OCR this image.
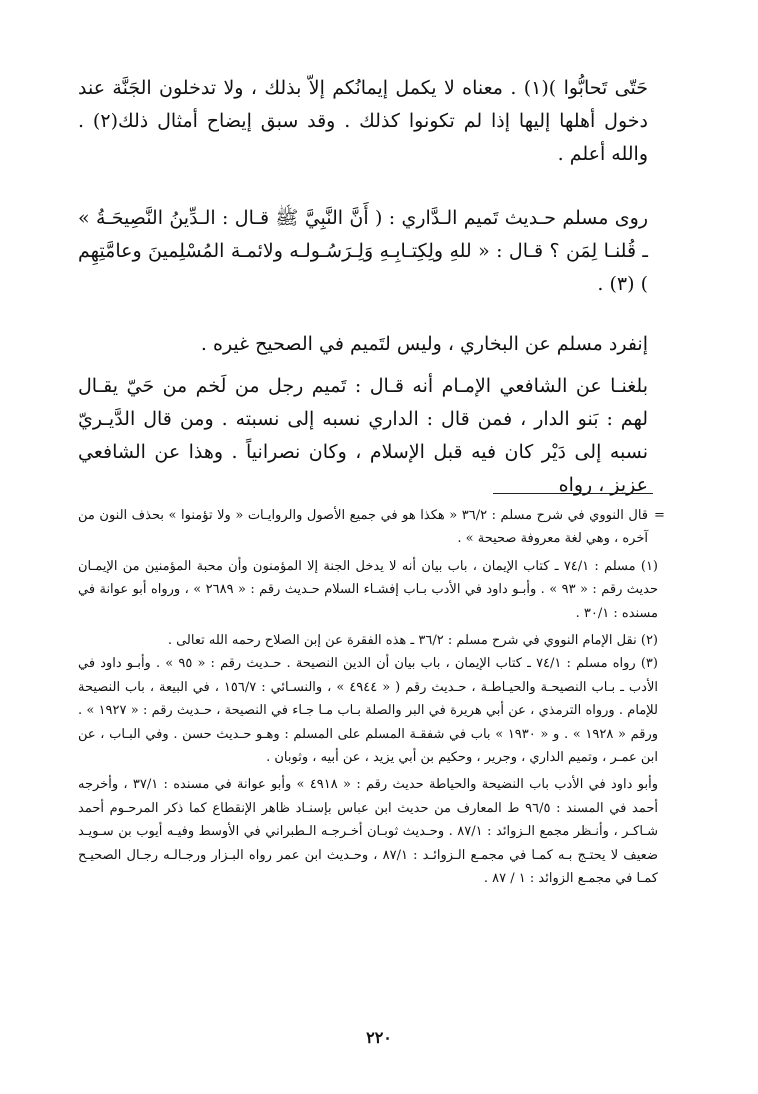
حَتّى تَحابُّوا )(١) . معناه لا يكمل إيمانُكم إلاّ بذلك ، ولا تدخلون الجَنَّة عند دخول أهلها إليها إذا لم تكونوا كذلك . وقد سبق إيضاح أمثال ذلك(٢) . والله أعلم .

روى مسلم حـديث تَميم الـدَّاري : ( أَنَّ النَّبِيَّ ﷺ قـال : الـدِّينُ النَّصِيحَـةُ » ـ قُلنـا لِمَن ؟ قـال : « للهِ ولِكِتـابِـهِ وَلِـرَسُـولـه ولائمـة المُسْلِمينَ وعامَّتِهِم ) (٣) .

إنفرد مسلم عن البخاري ، وليس لتَميم في الصحيح غيره .

بلغنـا عن الشافعي الإمـام أنه قـال : تَميم رجل من لَخم من حَيّ يقـال لهم : بَنو الدار ، فمن قال : الداري نسبه إلى نسبته . ومن قال الدَّيـريّ نسبه إلى دَيْر كان فيه قبل الإسلام ، وكان نصرانياً . وهذا عن الشافعي عزيز ، رواه

=

قال النووي في شرح مسلم : ٣٦/٢ « هكذا هو في جميع الأصول والروايـات « ولا تؤمنوا » بحذف النون من آخره ، وهي لغة معروفة صحيحة » .

(١) مسلم : ٧٤/١ ـ كتاب الإيمان ، باب بيان أنه لا يدخل الجنة إلا المؤمنون وأن محبة المؤمنين من الإيمـان حديث رقم : « ٩٣ » . وأبـو داود في الأدب بـاب إفشـاء السلام حـديث رقم : « ٢٦٨٩ » ، ورواه أبو عوانة في مسنده : ٣٠/١ .

(٢) نقل الإمام النووي في شرح مسلم : ٣٦/٢ ـ هذه الفقرة عن إبن الصلاح رحمه الله تعالى .

(٣) رواه مسلم : ٧٤/١ ـ كتاب الإيمان ، باب بيان أن الدين النصيحة . حـديث رقم : « ٩٥ » . وأبـو داود في الأدب ـ بـاب النصيحـة والحيـاطـة ، حـديث رقم ( « ٤٩٤٤ » ، والنسـائي : ١٥٦/٧ ، في البيعة ، باب النصيحة للإمام . ورواه الترمذي ، عن أبي هريرة في البر والصلة بـاب مـا جـاء في النصيحة ، حـديث رقم : « ١٩٢٧ » . ورقم « ١٩٢٨ » . و « ١٩٣٠ » باب في شفقـة المسلم على المسلم : وهـو حـديث حسن . وفي البـاب ، عن ابن عمـر ، وتميم الداري ، وجرير ، وحكيم بن أبي يزيد ، عن أبيه ، وثوبان .

وأبو داود في الأدب باب النضيحة والحياطة حديث رقم : « ٤٩١٨ » وأبو عوانة في مسنده : ٣٧/١ ، وأخرجه أحمد في المسند : ٩٦/٥ ط المعارف من حديث ابن عباس بإسنـاد ظاهر الإنقطاع كما ذكر المرحـوم أحمد شـاكـر ، وأنـظر مجمع الـزوائد : ٨٧/١ . وحـديث ثوبـان أخـرجـه الـطبراني في الأوسط وفيـه أيوب بن سـويـد ضعيف لا يحتـج بـه كمـا في مجمـع الـزوائـد : ٨٧/١ ، وحـديث ابن عمر رواه البـزار ورجـالـه رجـال الصحيـح كمـا في مجمـع الزوائد : ١ / ٨٧ .

٢٢٠
